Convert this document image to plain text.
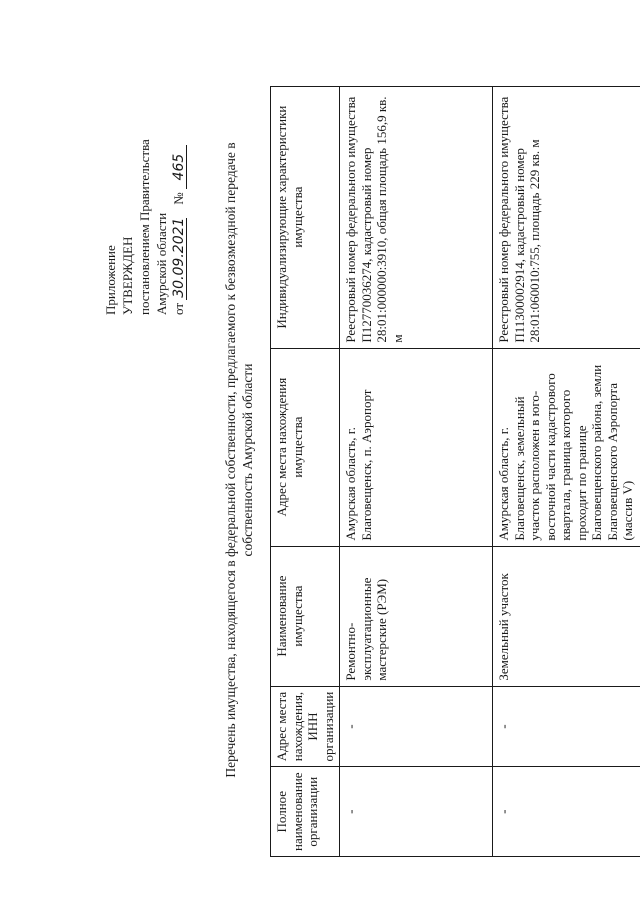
Приложение УТВЕРЖДЕН постановлением Правительства Амурской области от 30.09.2021    № 465	Перечень имущества, находящегося в федеральной собственности, предлагаемого к безвозмездной передаче в собственность Амурской области
Полное наименование организации	Адрес места нахождения, ИНН организации	Наименование имущества	Адрес места нахождения имущества	Индивидуализирующие характеристики имущества
-	-	Ремонтно-эксплуатационные мастерские (РЭМ)	Амурская область, г. Благовещенск, п. Аэропорт	Реестровый номер федерального имущества П12770036274, кадастровый номер 28:01:000000:3910, общая площадь 156,9 кв. м
-	-	Земельный участок	Амурская область, г. Благовещенск, земельный участок расположен в юго-восточной части кадастрового квартала, граница которого проходит по границе Благовещенского района, земли Благовещенского Аэропорта (массив V)	Реестровый номер федерального имущества П11300002914, кадастровый номер 28:01:060010:755, площадь 229 кв. м
